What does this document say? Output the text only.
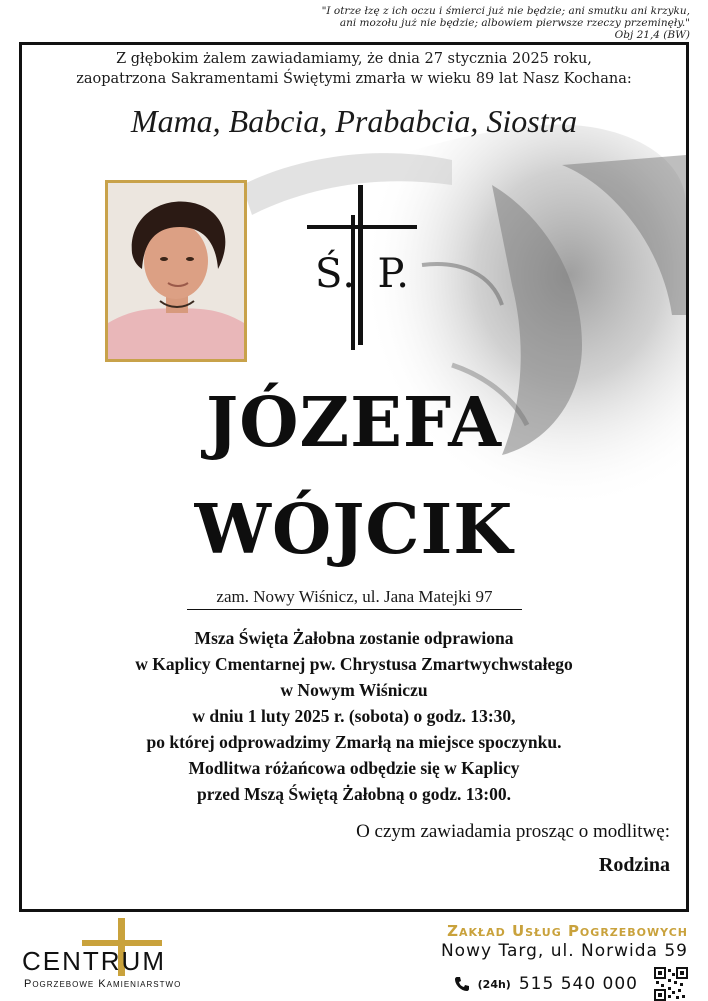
"I otrze łzę z ich oczu i śmierci już nie będzie; ani smutku ani krzyku,
ani mozołu już nie będzie; albowiem pierwsze rzeczy przeminęły."
Obj 21,4 (BW)
Z głębokim żalem zawiadamiamy, że dnia 27 stycznia 2025 roku,
zaopatrzona Sakramentami Świętymi zmarła w wieku 89 lat Nasz Kochana:
Mama, Babcia, Prababcia, Siostra
Ś. P.
JÓZEFA
WÓJCIK
zam. Nowy Wiśnicz, ul. Jana Matejki 97
Msza Święta Żałobna zostanie odprawiona
w Kaplicy Cmentarnej pw. Chrystusa Zmartwychwstałego
w Nowym Wiśniczu
w dniu 1 luty 2025 r. (sobota) o godz. 13:30,
po której odprowadzimy Zmarłą na miejsce spoczynku.
Modlitwa różańcowa odbędzie się w Kaplicy
przed Mszą Świętą Żałobną o godz. 13:00.
O czym zawiadamia prosząc o modlitwę:
Rodzina
CENTRUM
Pogrzebowe Kamieniarstwo
Zakład Usług Pogrzebowych
Nowy Targ, ul. Norwida 59
(24h) 515 540 000
